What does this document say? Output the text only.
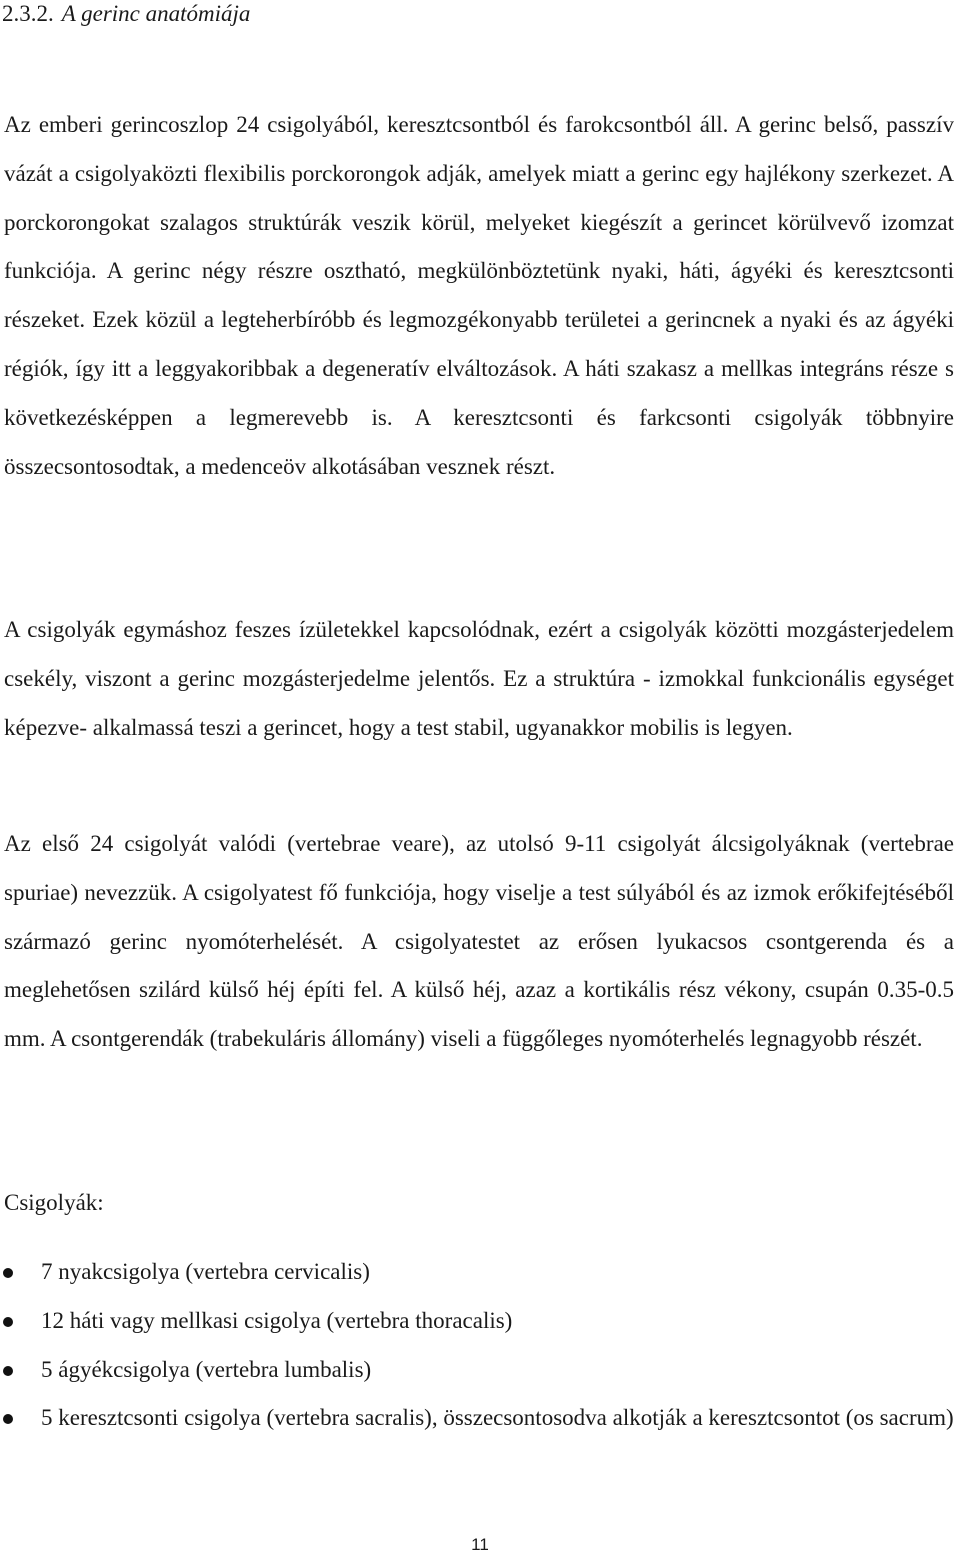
2.3.2. A gerinc anatómiája

Az emberi gerincoszlop 24 csigolyából, keresztcsontból és farokcsontból áll. A gerinc belső, passzív vázát a csigolyaközti flexibilis porckorongok adják, amelyek miatt a gerinc egy hajlékony szerkezet. A porckorongokat szalagos struktúrák veszik körül, melyeket kiegészít a gerincet körülvevő izomzat funkciója. A gerinc négy részre osztható, megkülönböztetünk nyaki, háti, ágyéki és keresztcsonti részeket. Ezek közül a legteherbíróbb és legmozgékonyabb területei a gerincnek a nyaki és az ágyéki régiók, így itt a leggyakoribbak a degeneratív elváltozások. A háti szakasz a mellkas integráns része s következésképpen a legmerevebb is. A keresztcsonti és farkcsonti csigolyák többnyire összecsontosodtak, a medenceöv alkotásában vesznek részt.

A csigolyák egymáshoz feszes ízületekkel kapcsolódnak, ezért a csigolyák közötti mozgásterjedelem csekély, viszont a gerinc mozgásterjedelme jelentős. Ez a struktúra - izmokkal funkcionális egységet képezve- alkalmassá teszi a gerincet, hogy a test stabil, ugyanakkor mobilis is legyen.

Az első 24 csigolyát valódi (vertebrae veare), az utolsó 9-11 csigolyát álcsigolyáknak (vertebrae spuriae) nevezzük. A csigolyatest fő funkciója, hogy viselje a test súlyából és az izmok erőkifejtéséből származó gerinc nyomóterhelését. A csigolyatestet az erősen lyukacsos csontgerenda és a meglehetősen szilárd külső héj építi fel. A külső héj, azaz a kortikális rész vékony, csupán 0.35-0.5 mm. A csontgerendák (trabekuláris állomány) viseli a függőleges nyomóterhelés legnagyobb részét.

Csigolyák:

7 nyakcsigolya (vertebra cervicalis)
12 háti vagy mellkasi csigolya (vertebra thoracalis)
5 ágyékcsigolya (vertebra lumbalis)
5 keresztcsonti csigolya (vertebra sacralis), összecsontosodva alkotják a keresztcsontot (os sacrum)
11
